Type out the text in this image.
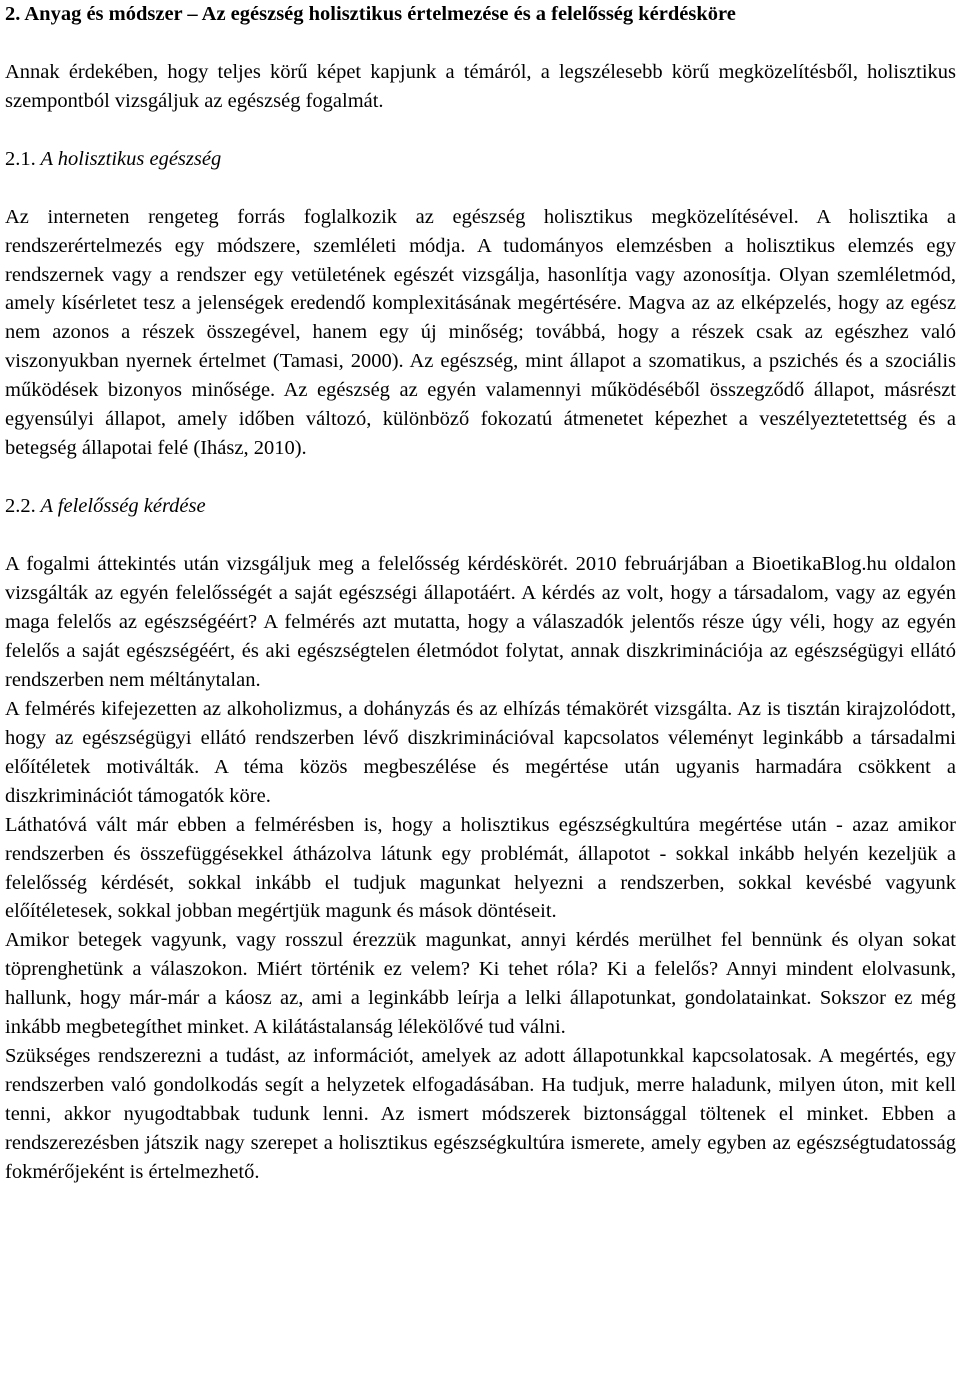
2. Anyag és módszer – Az egészség holisztikus értelmezése és a felelősség kérdésköre

Annak érdekében, hogy teljes körű képet kapjunk a témáról, a legszélesebb körű megközelítésből, holisztikus szempontból vizsgáljuk az egészség fogalmát.

2.1. A holisztikus egészség

Az interneten rengeteg forrás foglalkozik az egészség holisztikus megközelítésével. A holisztika a rendszerértelmezés egy módszere, szemléleti módja. A tudományos elemzésben a holisztikus elemzés egy rendszernek vagy a rendszer egy vetületének egészét vizsgálja, hasonlítja vagy azonosítja. Olyan szemléletmód, amely kísérletet tesz a jelenségek eredendő komplexitásának megértésére. Magva az az elképzelés, hogy az egész nem azonos a részek összegével, hanem egy új minőség; továbbá, hogy a részek csak az egészhez való viszonyukban nyernek értelmet (Tamasi, 2000). Az egészség, mint állapot a szomatikus, a pszichés és a szociális működések bizonyos minősége. Az egészség az egyén valamennyi működéséből összegződő állapot, másrészt egyensúlyi állapot, amely időben változó, különböző fokozatú átmenetet képezhet a veszélyeztetettség és a betegség állapotai felé (Ihász, 2010).

2.2. A felelősség kérdése

A fogalmi áttekintés után vizsgáljuk meg a felelősség kérdéskörét. 2010 februárjában a BioetikaBlog.hu oldalon vizsgálták az egyén felelősségét a saját egészségi állapotáért. A kérdés az volt, hogy a társadalom, vagy az egyén maga felelős az egészségéért? A felmérés azt mutatta, hogy a válaszadók jelentős része úgy véli, hogy az egyén felelős a saját egészségéért, és aki egészségtelen életmódot folytat, annak diszkriminációja az egészségügyi ellátó rendszerben nem méltánytalan.

A felmérés kifejezetten az alkoholizmus, a dohányzás és az elhízás témakörét vizsgálta. Az is tisztán kirajzolódott, hogy az egészségügyi ellátó rendszerben lévő diszkriminációval kapcsolatos véleményt leginkább a társadalmi előítéletek motiválták. A téma közös megbeszélése és megértése után ugyanis harmadára csökkent a diszkriminációt támogatók köre.

Láthatóvá vált már ebben a felmérésben is, hogy a holisztikus egészségkultúra megértése után - azaz amikor rendszerben és összefüggésekkel átházolva látunk egy problémát, állapotot - sokkal inkább helyén kezeljük a felelősség kérdését, sokkal inkább el tudjuk magunkat helyezni a rendszerben, sokkal kevésbé vagyunk előítéletesek, sokkal jobban megértjük magunk és mások döntéseit.

Amikor betegek vagyunk, vagy rosszul érezzük magunkat, annyi kérdés merülhet fel bennünk és olyan sokat töprenghetünk a válaszokon. Miért történik ez velem? Ki tehet róla? Ki a felelős? Annyi mindent elolvasunk, hallunk, hogy már-már a káosz az, ami a leginkább leírja a lelki állapotunkat, gondolatainkat. Sokszor ez még inkább megbetegíthet minket. A kilátástalanság lélekölővé tud válni.

Szükséges rendszerezni a tudást, az információt, amelyek az adott állapotunkkal kapcsolatosak. A megértés, egy rendszerben való gondolkodás segít a helyzetek elfogadásában. Ha tudjuk, merre haladunk, milyen úton, mit kell tenni, akkor nyugodtabbak tudunk lenni. Az ismert módszerek biztonsággal töltenek el minket. Ebben a rendszerezésben játszik nagy szerepet a holisztikus egészségkultúra ismerete, amely egyben az egészségtudatosság fokmérőjeként is értelmezhető.
